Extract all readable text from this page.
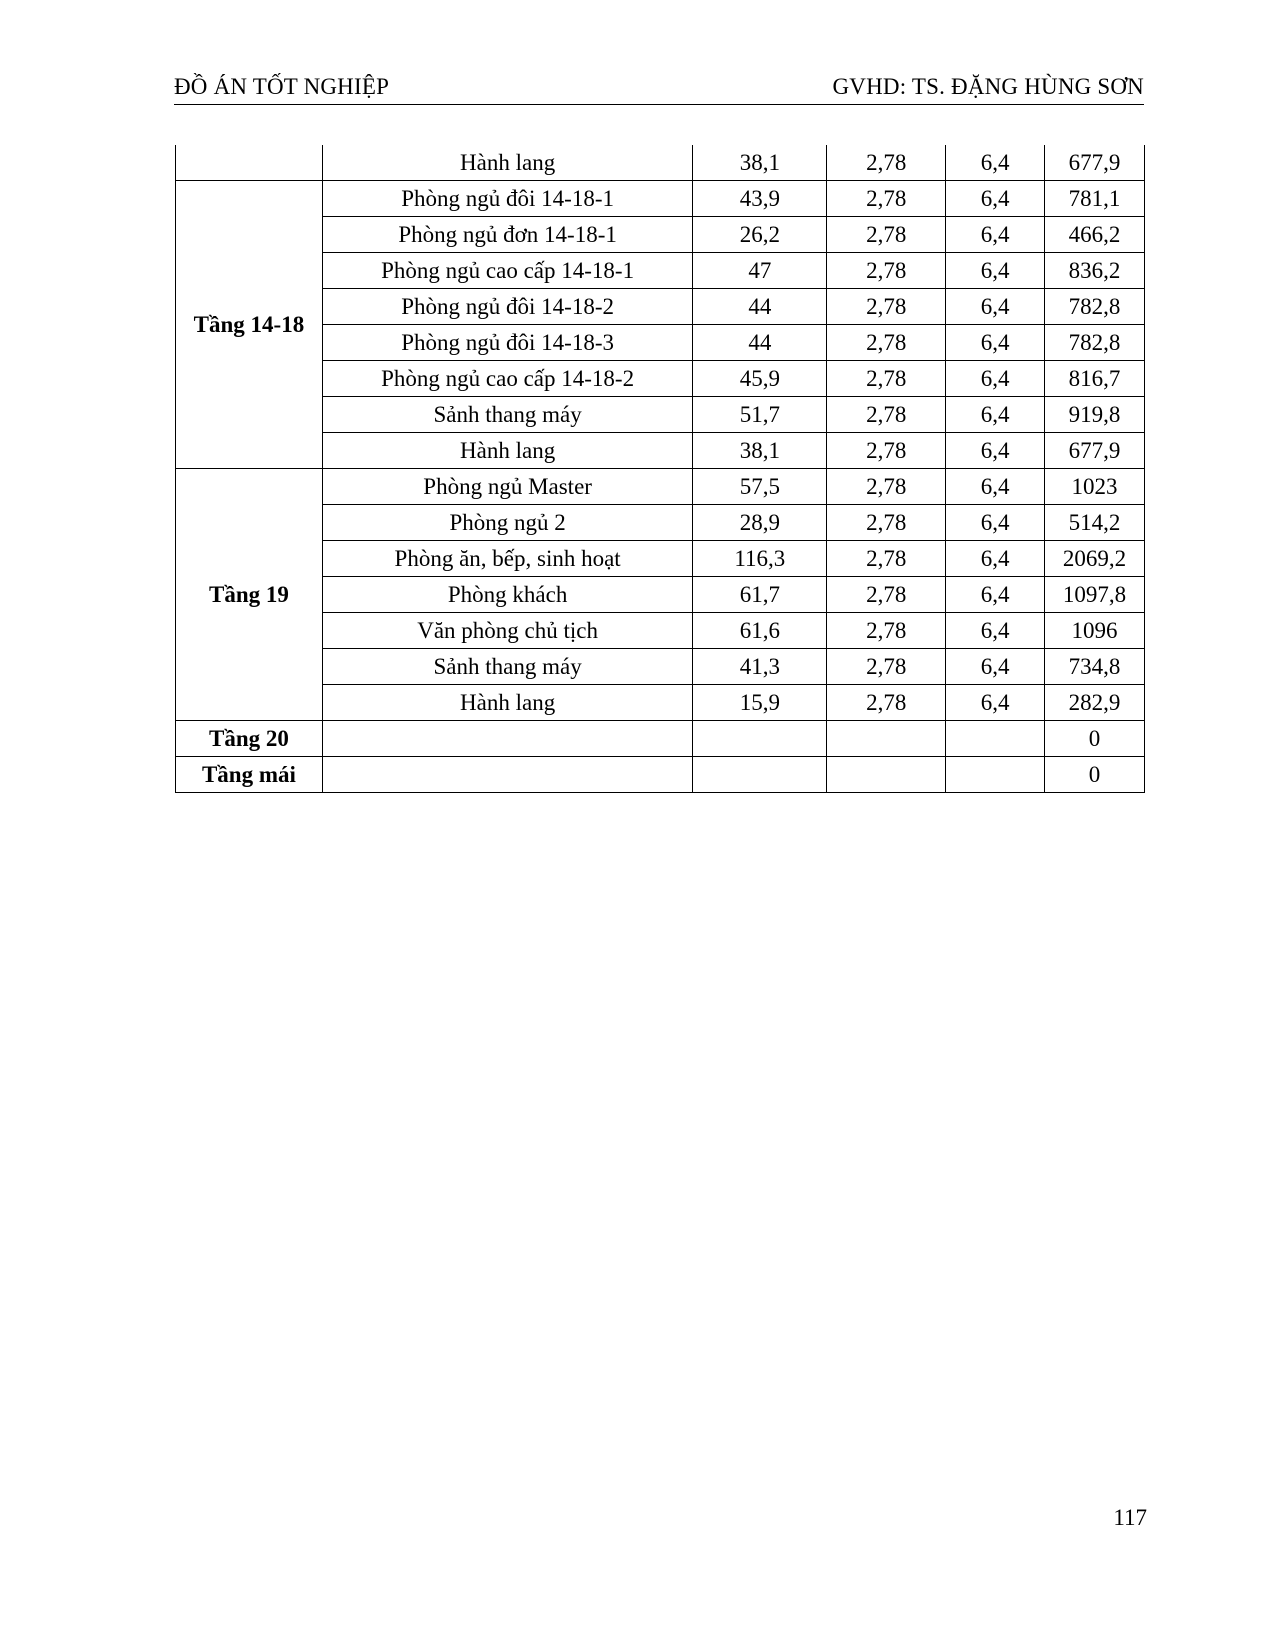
ĐỒ ÁN TỐT NGHIỆP	GVHD: TS. ĐẶNG HÙNG SƠN
	Hành lang	38,1	2,78	6,4	677,9
Tầng 14-18	Phòng ngủ đôi 14-18-1	43,9	2,78	6,4	781,1
	Phòng ngủ đơn 14-18-1	26,2	2,78	6,4	466,2
	Phòng ngủ cao cấp 14-18-1	47	2,78	6,4	836,2
	Phòng ngủ đôi 14-18-2	44	2,78	6,4	782,8
	Phòng ngủ đôi 14-18-3	44	2,78	6,4	782,8
	Phòng ngủ cao cấp 14-18-2	45,9	2,78	6,4	816,7
	Sảnh thang máy	51,7	2,78	6,4	919,8
	Hành lang	38,1	2,78	6,4	677,9
Tầng 19	Phòng ngủ Master	57,5	2,78	6,4	1023
	Phòng ngủ 2	28,9	2,78	6,4	514,2
	Phòng ăn, bếp, sinh hoạt	116,3	2,78	6,4	2069,2
	Phòng khách	61,7	2,78	6,4	1097,8
	Văn phòng chủ tịch	61,6	2,78	6,4	1096
	Sảnh thang máy	41,3	2,78	6,4	734,8
	Hành lang	15,9	2,78	6,4	282,9
Tầng 20					0
Tầng mái					0
117
